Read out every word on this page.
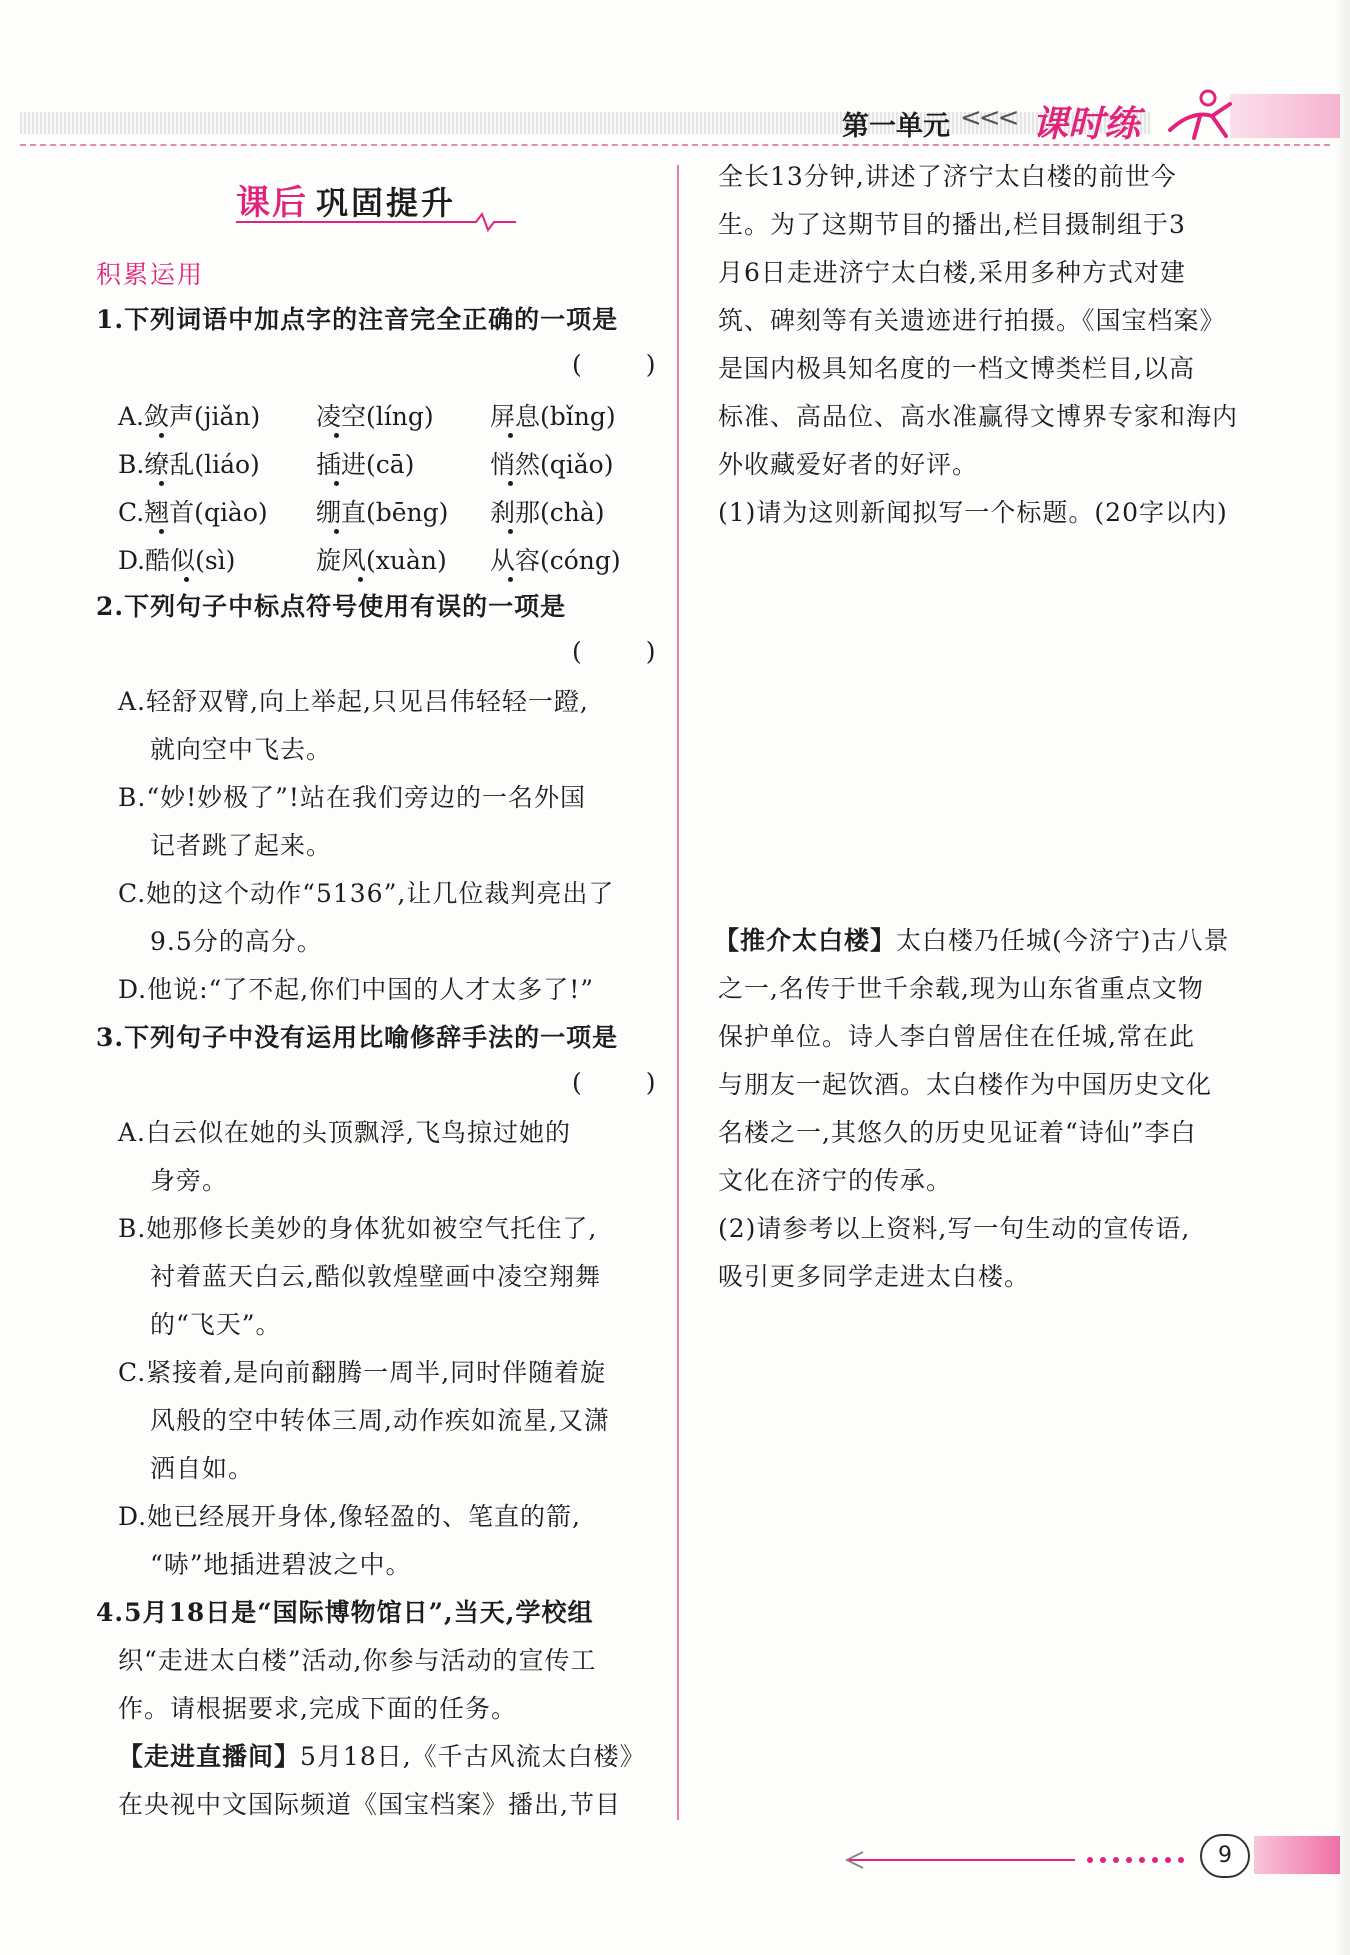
第一单元 <<< 课时练
课后 巩固提升
积累运用
1.下列词语中加点字的注音完全正确的一项是
( )
A.敛声(jiǎn) 凌空(líng) 屏息(bǐng)
B.缭乱(liáo) 插进(cā)	悄然(qiǎo)
C.翘首(qiào) 绷直(bēng) 刹那(chà)
D.酷似(sì)	旋风(xuàn) 从容(cóng)
2.下列句子中标点符号使用有误的一项是
( )
A.轻舒双臂,向上举起,只见吕伟轻轻一蹬,
就向空中飞去。
B.“妙!妙极了”!站在我们旁边的一名外国
记者跳了起来。
C.她的这个动作“5136”,让几位裁判亮出了
9.5分的高分。
D.他说:“了不起,你们中国的人才太多了!”
3.下列句子中没有运用比喻修辞手法的一项是
( )
A.白云似在她的头顶飘浮,飞鸟掠过她的
身旁。
B.她那修长美妙的身体犹如被空气托住了,
衬着蓝天白云,酷似敦煌壁画中凌空翔舞
的“飞天”。
C.紧接着,是向前翻腾一周半,同时伴随着旋
风般的空中转体三周,动作疾如流星,又潇
洒自如。
D.她已经展开身体,像轻盈的、笔直的箭,
“哧”地插进碧波之中。
4.5月18日是“国际博物馆日”,当天,学校组
织“走进太白楼”活动,你参与活动的宣传工
作。请根据要求,完成下面的任务。
【走进直播间】5月18日,《千古风流太白楼》
在央视中文国际频道《国宝档案》播出,节目
全长13分钟,讲述了济宁太白楼的前世今
生。为了这期节目的播出,栏目摄制组于3
月6日走进济宁太白楼,采用多种方式对建
筑、碑刻等有关遗迹进行拍摄。《国宝档案》
是国内极具知名度的一档文博类栏目,以高
标准、高品位、高水准赢得文博界专家和海内
外收藏爱好者的好评。
(1)请为这则新闻拟写一个标题。(20字以内)
【推介太白楼】太白楼乃任城(今济宁)古八景
之一,名传于世千余载,现为山东省重点文物
保护单位。诗人李白曾居住在任城,常在此
与朋友一起饮酒。太白楼作为中国历史文化
名楼之一,其悠久的历史见证着“诗仙”李白
文化在济宁的传承。
(2)请参考以上资料,写一句生动的宣传语,
吸引更多同学走进太白楼。
9
